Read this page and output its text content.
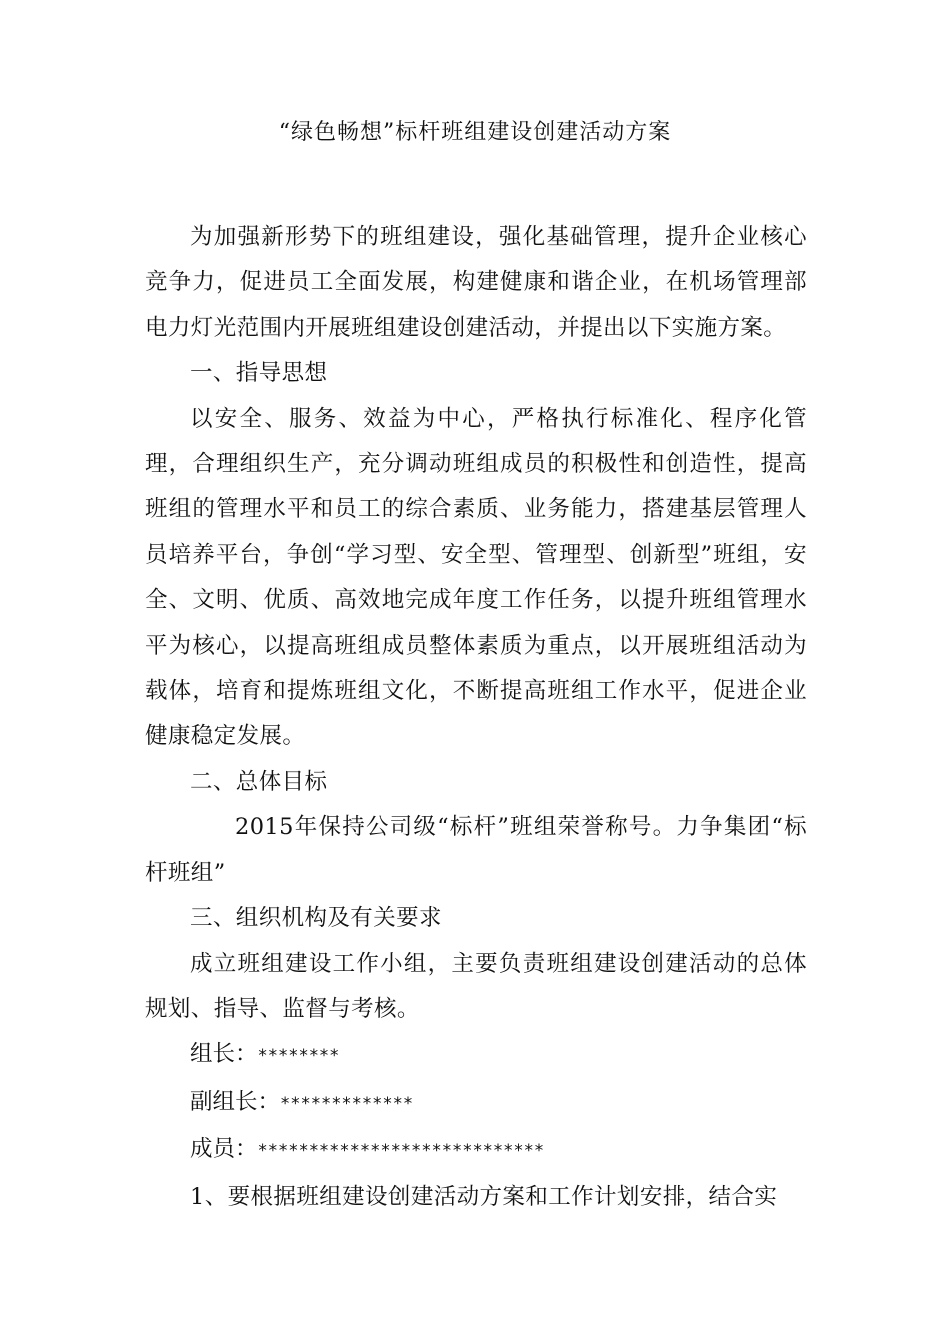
“绿色畅想”标杆班组建设创建活动方案

为加强新形势下的班组建设，强化基础管理，提升企业核心竞争力，促进员工全面发展，构建健康和谐企业，在机场管理部电力灯光范围内开展班组建设创建活动，并提出以下实施方案。

一、指导思想

以安全、服务、效益为中心，严格执行标准化、程序化管理，合理组织生产，充分调动班组成员的积极性和创造性，提高班组的管理水平和员工的综合素质、业务能力，搭建基层管理人员培养平台，争创“学习型、安全型、管理型、创新型”班组，安全、文明、优质、高效地完成年度工作任务，以提升班组管理水平为核心，以提高班组成员整体素质为重点，以开展班组活动为载体，培育和提炼班组文化，不断提高班组工作水平，促进企业健康稳定发展。

二、总体目标

2015年保持公司级“标杆”班组荣誉称号。力争集团“标杆班组”

三、组织机构及有关要求

成立班组建设工作小组，主要负责班组建设创建活动的总体规划、指导、监督与考核。

组长：********

副组长：*************

成员：****************************

1、要根据班组建设创建活动方案和工作计划安排，结合实
